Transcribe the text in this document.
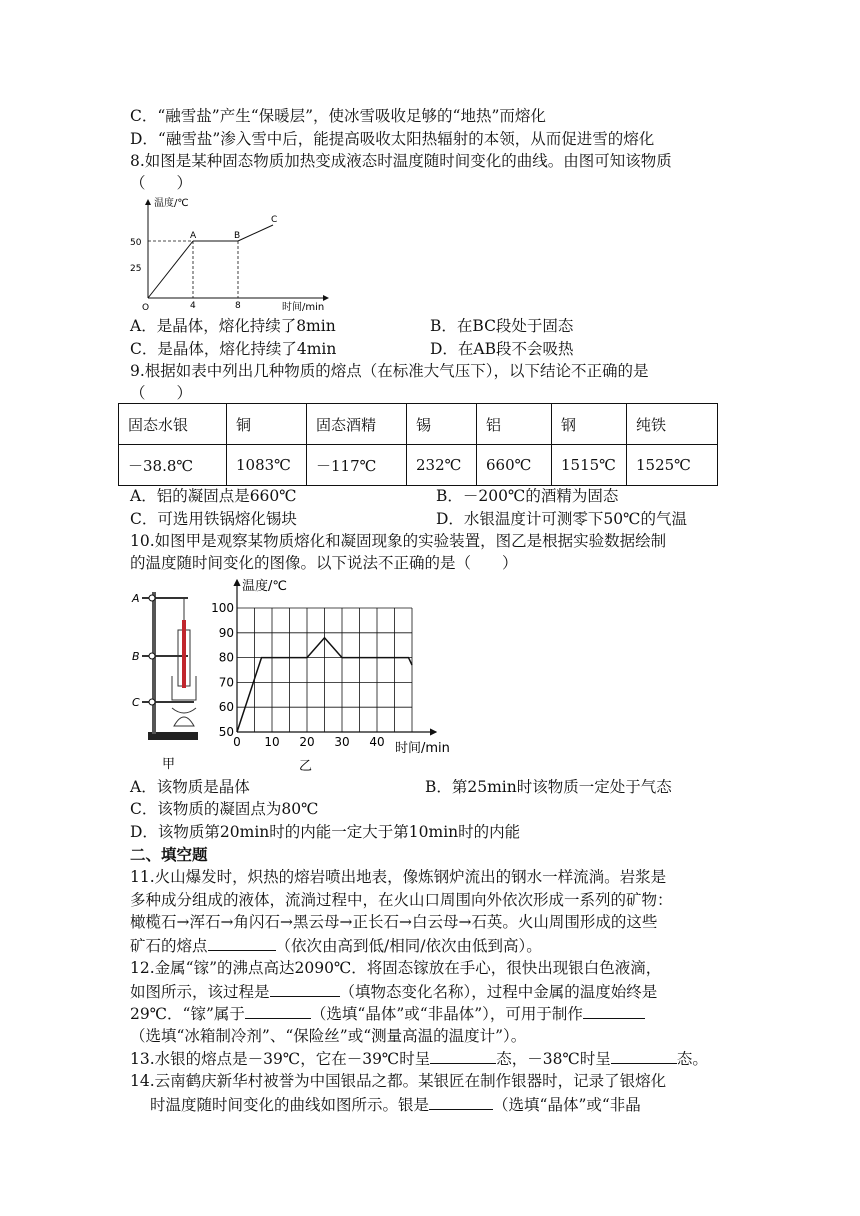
C．“融雪盐”产生“保暖层”，使冰雪吸收足够的“地热”而熔化
D．“融雪盐”渗入雪中后，能提高吸收太阳热辐射的本领，从而促进雪的熔化
8.如图是某种固态物质加热变成液态时温度随时间变化的曲线。由图可知该物质
（　　）
温度/℃
时间/min
50
25
O	4	8
A	B
C
A．是晶体，熔化持续了8min	B．在BC段处于固态
C．是晶体，熔化持续了4min	D．在AB段不会吸热
9.根据如表中列出几种物质的熔点（在标准大气压下），以下结论不正确的是
（　　）
固态水银	铜	固态酒精	锡	铝	钢	纯铁
－38.8℃	1083℃	－117℃	232℃	660℃	1515℃	1525℃
A．铝的凝固点是660℃	B．－200℃的酒精为固态
C．可选用铁锅熔化锡块	D．水银温度计可测零下50℃的气温
10.如图甲是观察某物质熔化和凝固现象的实验装置，图乙是根据实验数据绘制
的温度随时间变化的图像。以下说法不正确的是（　　）
A
B
C
甲
温度/℃
时间/min
乙
50
60
70
80
90
100
0 10 20 30 40
A．该物质是晶体	B．第25min时该物质一定处于气态
C．该物质的凝固点为80℃
D．该物质第20min时的内能一定大于第10min时的内能
二、填空题
11.火山爆发时，炽热的熔岩喷出地表，像炼钢炉流出的钢水一样流淌。岩浆是
多种成分组成的液体，流淌过程中，在火山口周围向外依次形成一系列的矿物：
橄榄石→浑石→角闪石→黑云母→正长石→白云母→石英。火山周围形成的这些
矿石的熔点	（依次由高到低/相同/依次由低到高）。
12.金属“镓”的沸点高达2090℃．将固态镓放在手心，很快出现银白色液滴，
如图所示，该过程是	（填物态变化名称），过程中金属的温度始终是
29℃．“镓”属于	（选填“晶体”或“非晶体”），可用于制作
（选填“冰箱制冷剂”、“保险丝”或“测量高温的温度计”）。
13.水银的熔点是－39℃，它在－39℃时呈	态，－38℃时呈	态。
14.云南鹤庆新华村被誉为中国银品之都。某银匠在制作银器时，记录了银熔化
时温度随时间变化的曲线如图所示。银是	（选填“晶体”或“非晶
